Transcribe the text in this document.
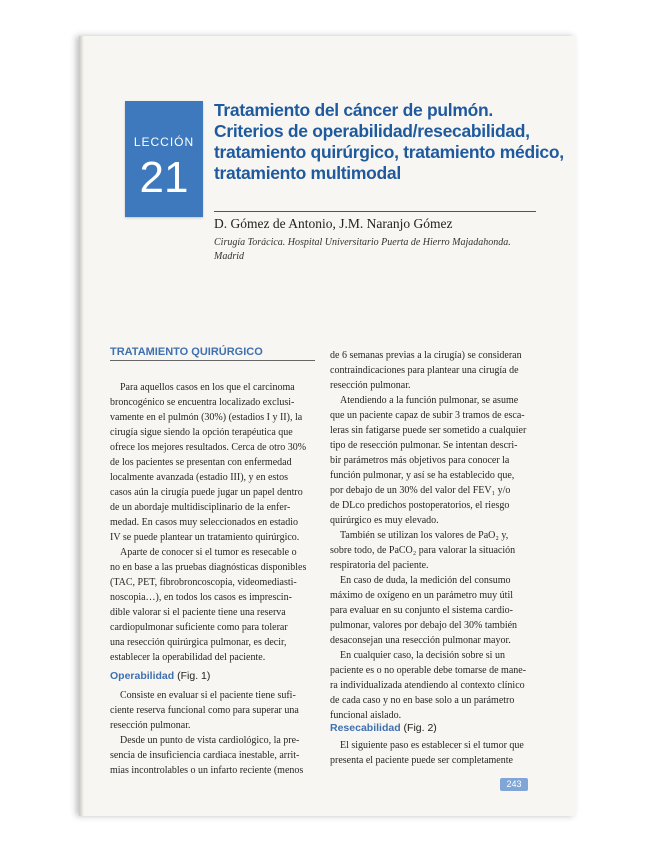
LECCIÓN
21
Tratamiento del cáncer de pulmón.
Criterios de operabilidad/resecabilidad,
tratamiento quirúrgico, tratamiento médico,
tratamiento multimodal
D. Gómez de Antonio, J.M. Naranjo Gómez
Cirugía Torácica. Hospital Universitario Puerta de Hierro Majadahonda.
Madrid
TRATAMIENTO QUIRÚRGICO
Para aquellos casos en los que el carcinoma
broncogénico se encuentra localizado exclusi-
vamente en el pulmón (30%) (estadios I y II), la
cirugía sigue siendo la opción terapéutica que
ofrece los mejores resultados. Cerca de otro 30%
de los pacientes se presentan con enfermedad
localmente avanzada (estadio III), y en estos
casos aún la cirugía puede jugar un papel dentro
de un abordaje multidisciplinario de la enfer-
medad. En casos muy seleccionados en estadio
IV se puede plantear un tratamiento quirúrgico.
Aparte de conocer si el tumor es resecable o
no en base a las pruebas diagnósticas disponibles
(TAC, PET, fibrobroncoscopia, videomediasti-
noscopia…), en todos los casos es imprescin-
dible valorar si el paciente tiene una reserva
cardiopulmonar suficiente como para tolerar
una resección quirúrgica pulmonar, es decir,
establecer la operabilidad del paciente.
Operabilidad (Fig. 1)
Consiste en evaluar si el paciente tiene sufi-
ciente reserva funcional como para superar una
resección pulmonar.
Desde un punto de vista cardiológico, la pre-
sencia de insuficiencia cardiaca inestable, arrit-
mias incontrolables o un infarto reciente (menos
de 6 semanas previas a la cirugía) se consideran
contraindicaciones para plantear una cirugía de
resección pulmonar.
Atendiendo a la función pulmonar, se asume
que un paciente capaz de subir 3 tramos de esca-
leras sin fatigarse puede ser sometido a cualquier
tipo de resección pulmonar. Se intentan descri-
bir parámetros más objetivos para conocer la
función pulmonar, y así se ha establecido que,
por debajo de un 30% del valor del FEV₁ y/o
de DLco predichos postoperatorios, el riesgo
quirúrgico es muy elevado.
También se utilizan los valores de PaO₂ y,
sobre todo, de PaCO₂ para valorar la situación
respiratoria del paciente.
En caso de duda, la medición del consumo
máximo de oxígeno en un parámetro muy útil
para evaluar en su conjunto el sistema cardio-
pulmonar, valores por debajo del 30% también
desaconsejan una resección pulmonar mayor.
En cualquier caso, la decisión sobre si un
paciente es o no operable debe tomarse de mane-
ra individualizada atendiendo al contexto clínico
de cada caso y no en base solo a un parámetro
funcional aislado.
Resecabilidad (Fig. 2)
El siguiente paso es establecer si el tumor que
presenta el paciente puede ser completamente
243
